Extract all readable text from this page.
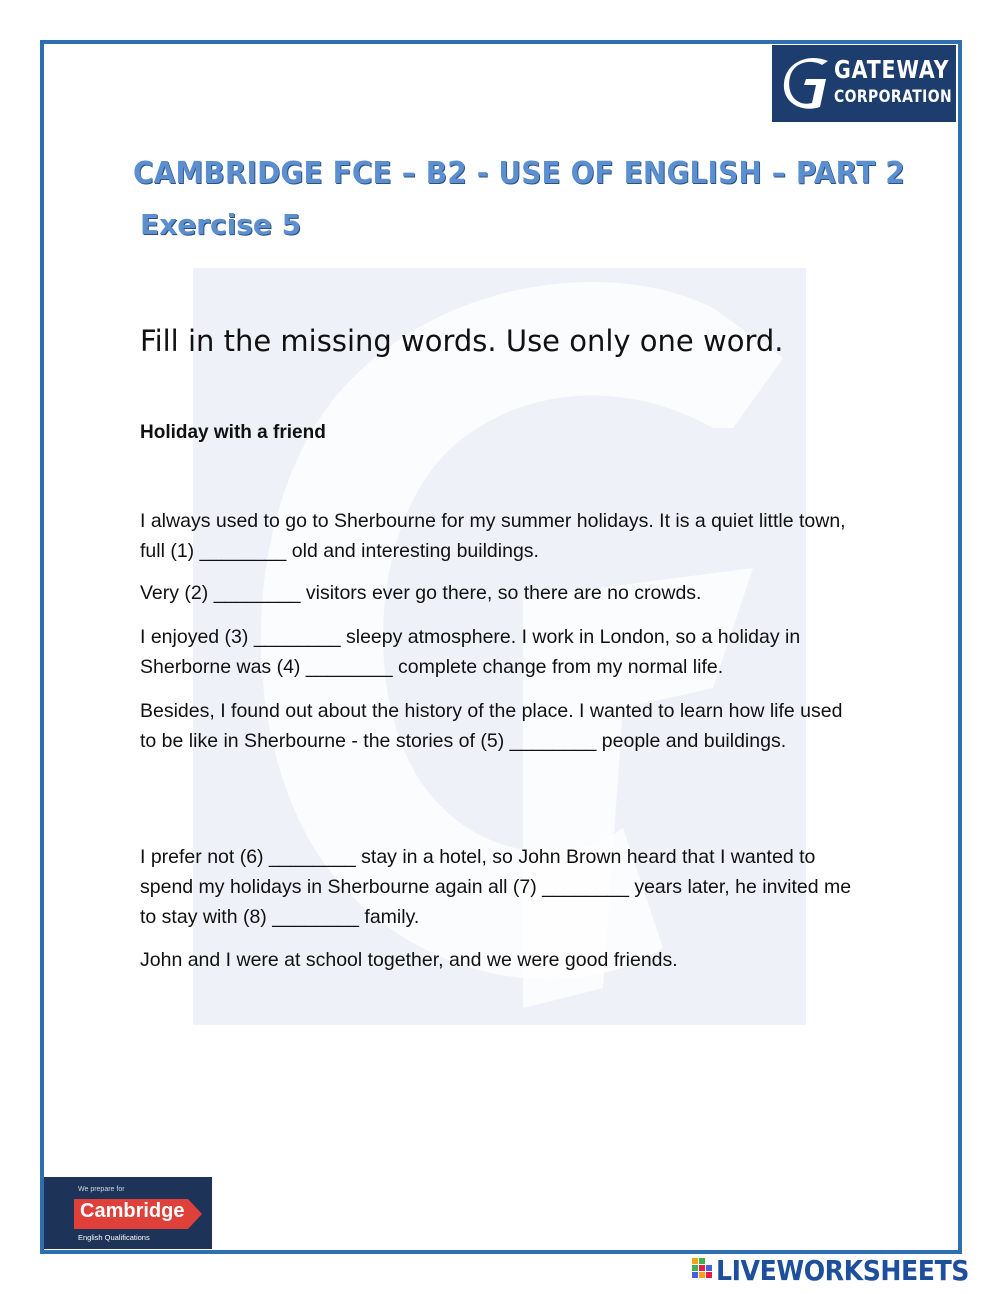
GATEWAY
CORPORATION
CAMBRIDGE FCE – B2 - USE OF ENGLISH – PART 2
Exercise 5
Fill in the missing words. Use only one word.
Holiday with a friend

I always used to go to Sherbourne for my summer holidays. It is a quiet little town, full (1) ________ old and interesting buildings.

Very (2) ________ visitors ever go there, so there are no crowds.

I enjoyed (3) ________ sleepy atmosphere. I work in London, so a holiday in Sherborne was (4) ________ complete change from my normal life.

Besides, I found out about the history of the place. I wanted to learn how life used to be like in Sherbourne - the stories of (5) ________ people and buildings.

I prefer not (6) ________ stay in a hotel, so John Brown heard that I wanted to spend my holidays in Sherbourne again all (7) ________ years later, he invited me to stay with (8) ________ family.

John and I were at school together, and we were good friends.

We prepare for
Cambridge
English Qualifications
LIVEWORKSHEETS
